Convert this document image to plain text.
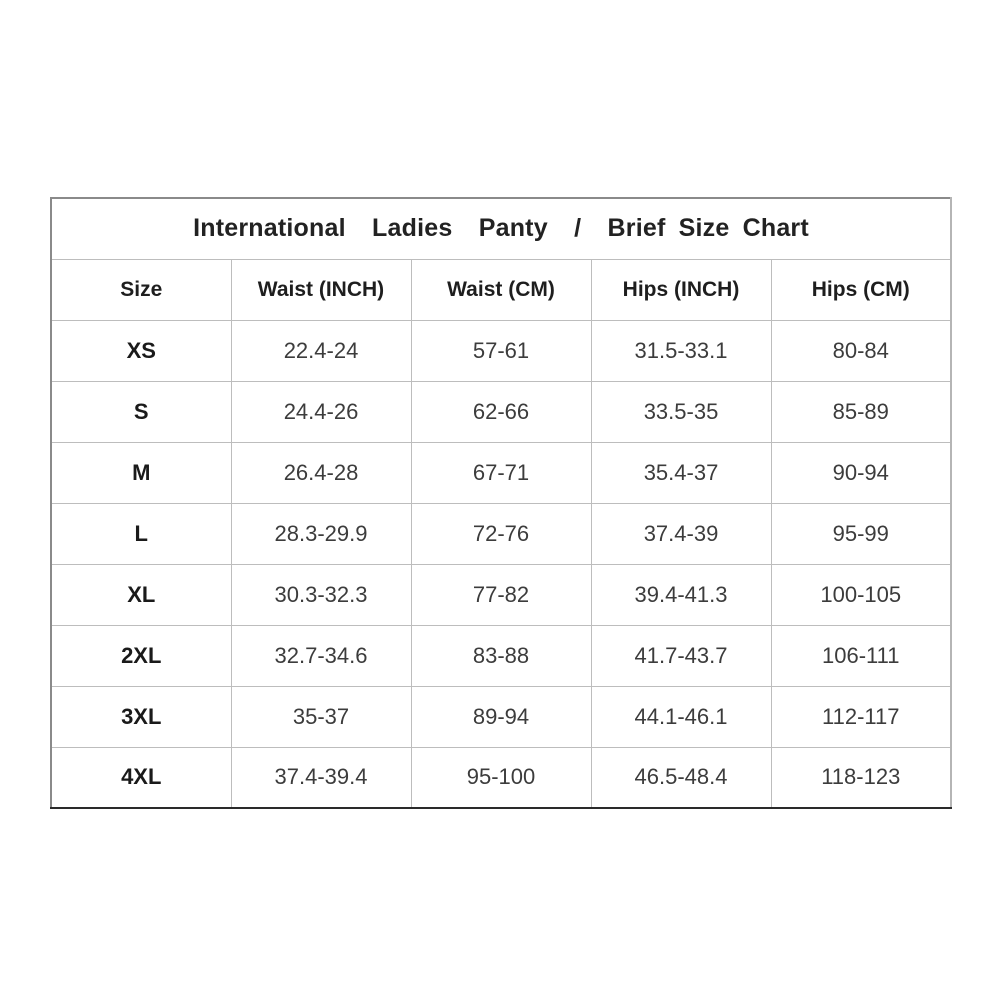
International  Ladies  Panty  /  Brief Size Chart				
Size	Waist (INCH)	Waist (CM)	Hips (INCH)	Hips (CM)
XS	22.4-24	57-61	31.5-33.1	80-84
S	24.4-26	62-66	33.5-35	85-89
M	26.4-28	67-71	35.4-37	90-94
L	28.3-29.9	72-76	37.4-39	95-99
XL	30.3-32.3	77-82	39.4-41.3	100-105
2XL	32.7-34.6	83-88	41.7-43.7	106-111
3XL	35-37	89-94	44.1-46.1	112-117
4XL	37.4-39.4	95-100	46.5-48.4	118-123
